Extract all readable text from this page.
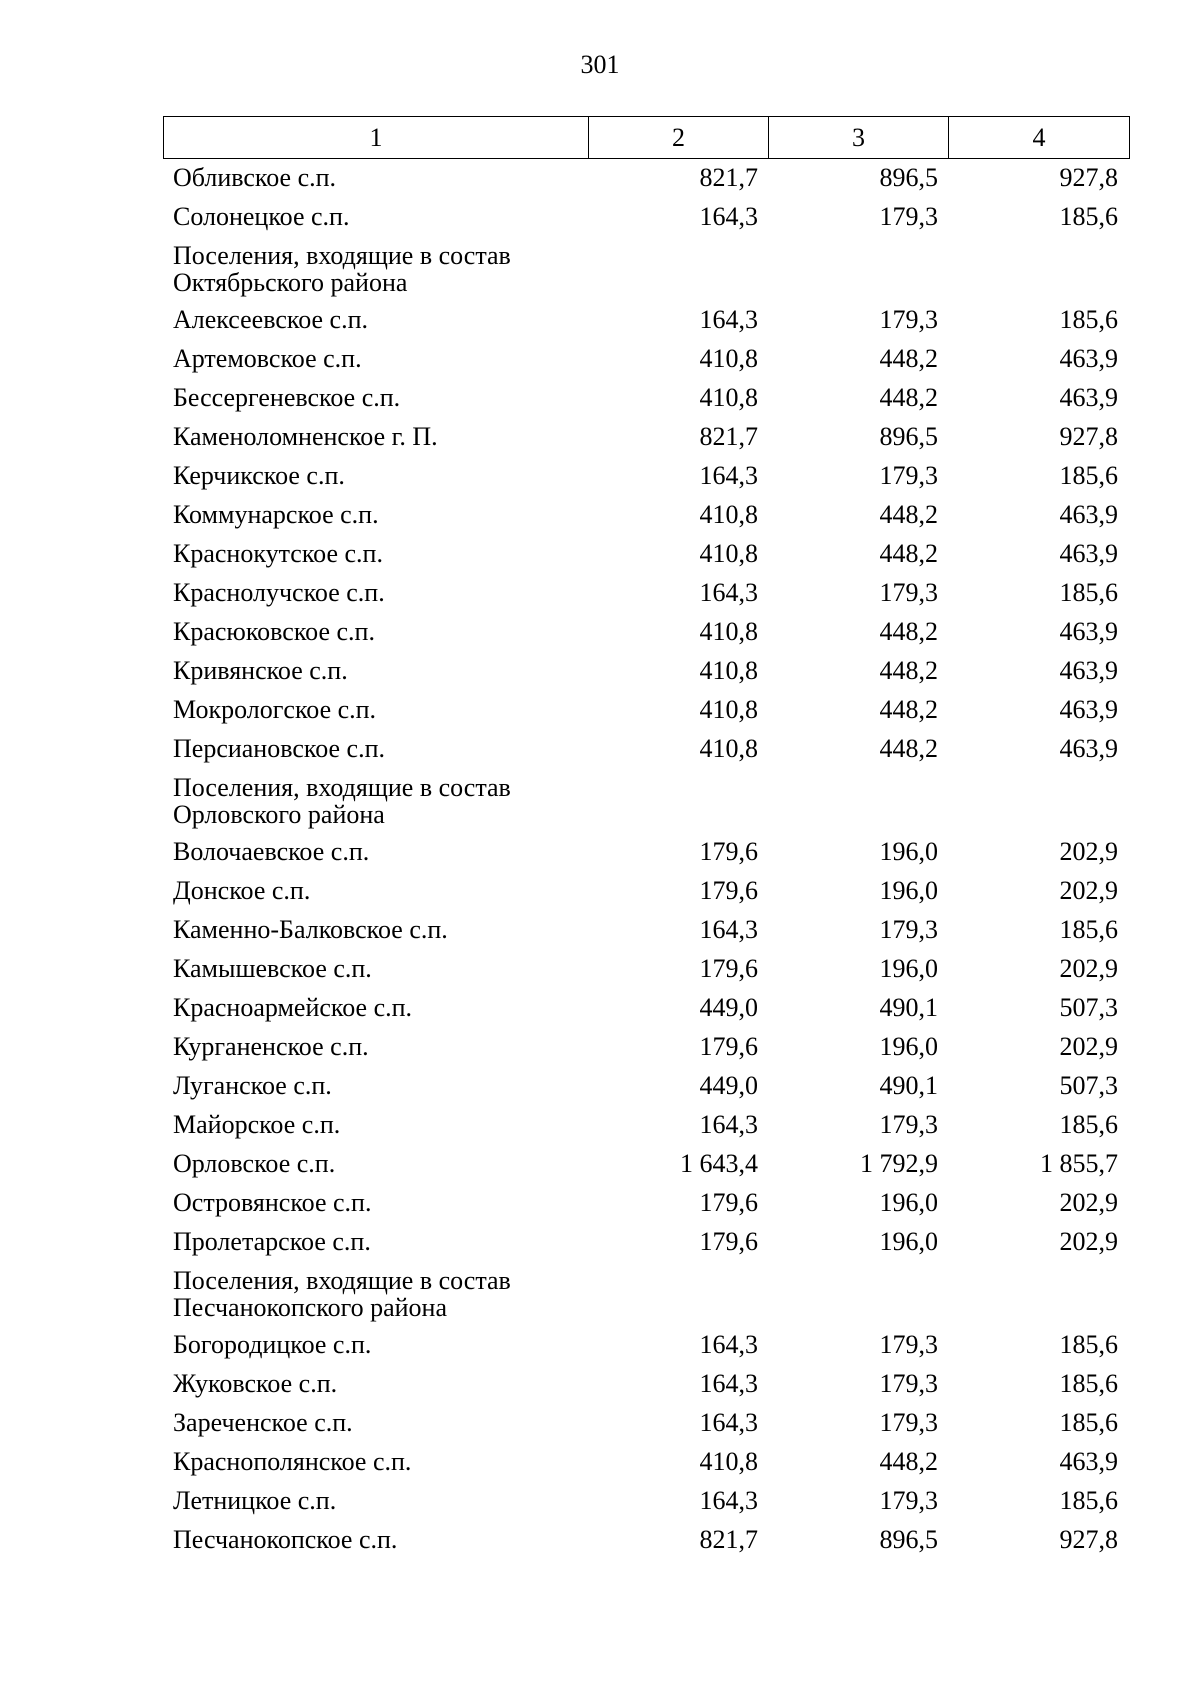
301
1	2	3	4
Обливское с.п.	821,7	896,5	927,8
Солонецкое с.п.	164,3	179,3	185,6
Поселения, входящие в состав
Октябрьского района
Алексеевское с.п.	164,3	179,3	185,6
Артемовское с.п.	410,8	448,2	463,9
Бессергеневское с.п.	410,8	448,2	463,9
Каменоломненское г. П.	821,7	896,5	927,8
Керчикское с.п.	164,3	179,3	185,6
Коммунарское с.п.	410,8	448,2	463,9
Краснокутское с.п.	410,8	448,2	463,9
Краснолучское с.п.	164,3	179,3	185,6
Красюковское с.п.	410,8	448,2	463,9
Кривянское с.п.	410,8	448,2	463,9
Мокрологское с.п.	410,8	448,2	463,9
Персиановское с.п.	410,8	448,2	463,9
Поселения, входящие в состав
Орловского района
Волочаевское с.п.	179,6	196,0	202,9
Донское с.п.	179,6	196,0	202,9
Каменно-Балковское с.п.	164,3	179,3	185,6
Камышевское с.п.	179,6	196,0	202,9
Красноармейское с.п.	449,0	490,1	507,3
Курганенское с.п.	179,6	196,0	202,9
Луганское с.п.	449,0	490,1	507,3
Майорское с.п.	164,3	179,3	185,6
Орловское с.п.	1 643,4	1 792,9	1 855,7
Островянское с.п.	179,6	196,0	202,9
Пролетарское с.п.	179,6	196,0	202,9
Поселения, входящие в состав
Песчанокопского района
Богородицкое с.п.	164,3	179,3	185,6
Жуковское с.п.	164,3	179,3	185,6
Зареченское с.п.	164,3	179,3	185,6
Краснополянское с.п.	410,8	448,2	463,9
Летницкое с.п.	164,3	179,3	185,6
Песчанокопское с.п.	821,7	896,5	927,8
